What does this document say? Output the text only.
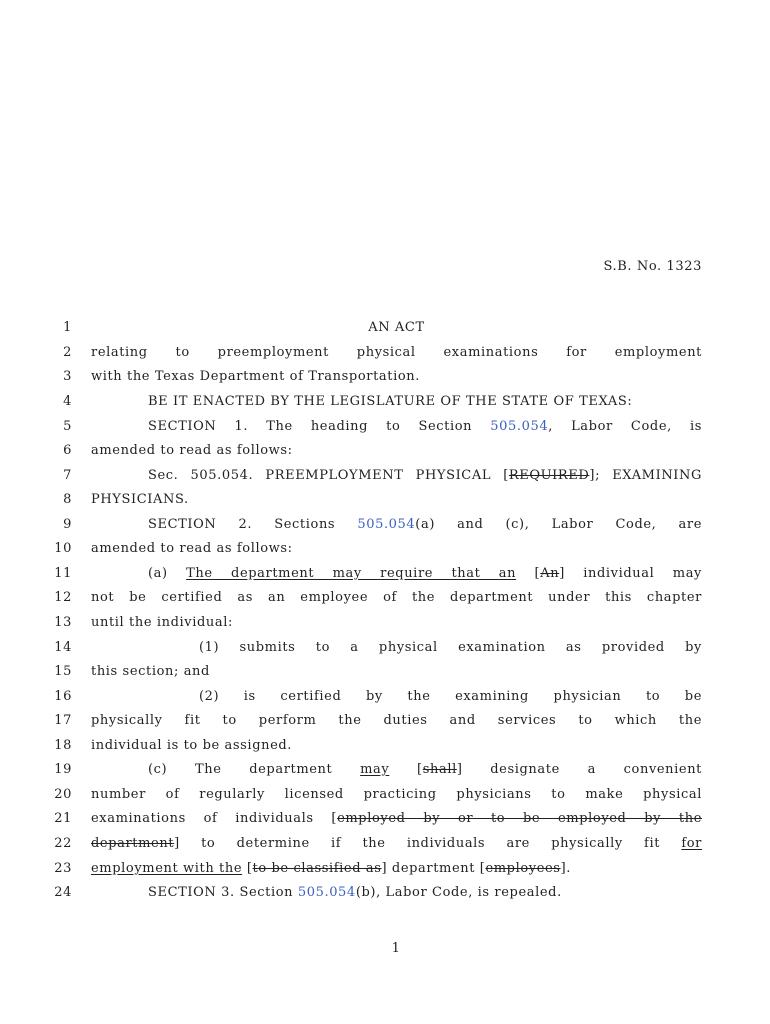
S.B. No. 1323
1	AN ACT
2 relating to preemployment physical examinations for employment
3 with the Texas Department of Transportation.
4	BE IT ENACTED BY THE LEGISLATURE OF THE STATE OF TEXAS:
5	SECTION 1. The heading to Section 505.054, Labor Code, is
6 amended to read as follows:
7	Sec. 505.054. PREEMPLOYMENT PHYSICAL [REQUIRED]; EXAMINING
8 PHYSICIANS.
9	SECTION 2. Sections 505.054(a) and (c), Labor Code, are
10 amended to read as follows:
11	(a) The department may require that an [An] individual may
12 not be certified as an employee of the department under this chapter
13 until the individual:
14	(1) submits to a physical examination as provided by
15 this section; and
16	(2) is certified by the examining physician to be
17 physically fit to perform the duties and services to which the
18 individual is to be assigned.
19	(c) The department may [shall] designate a convenient
20 number of regularly licensed practicing physicians to make physical
21 examinations of individuals [employed by or to be employed by the
22 department] to determine if the individuals are physically fit for
23 employment with the [to be classified as] department [employees].
24	SECTION 3. Section 505.054(b), Labor Code, is repealed.
1
